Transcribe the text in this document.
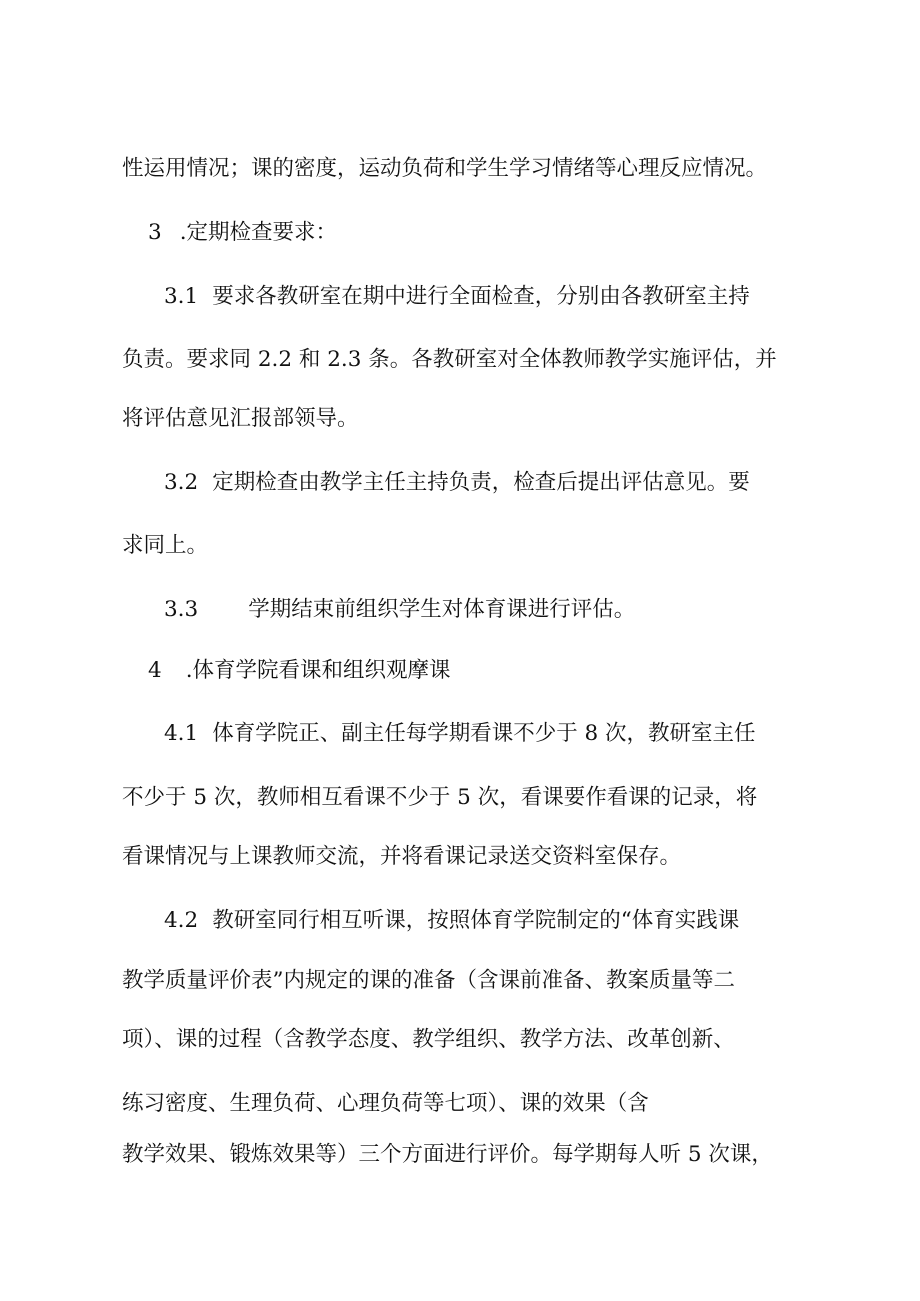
性运用情况；课的密度，运动负荷和学生学习情绪等心理反应情况。

3 .定期检查要求：

3.1 要求各教研室在期中进行全面检查，分别由各教研室主持

负责。要求同 2.2 和 2.3 条。各教研室对全体教师教学实施评估，并

将评估意见汇报部领导。

3.2 定期检查由教学主任主持负责，检查后提出评估意见。要

求同上。

3.3 学期结束前组织学生对体育课进行评估。

4 .体育学院看课和组织观摩课

4.1 体育学院正、副主任每学期看课不少于 8 次，教研室主任

不少于 5 次，教师相互看课不少于 5 次，看课要作看课的记录，将

看课情况与上课教师交流，并将看课记录送交资料室保存。

4.2 教研室同行相互听课，按照体育学院制定的“体育实践课

教学质量评价表”内规定的课的准备（含课前准备、教案质量等二

项）、课的过程（含教学态度、教学组织、教学方法、改革创新、

练习密度、生理负荷、心理负荷等七项）、课的效果（含

教学效果、锻炼效果等）三个方面进行评价。每学期每人听 5 次课，
